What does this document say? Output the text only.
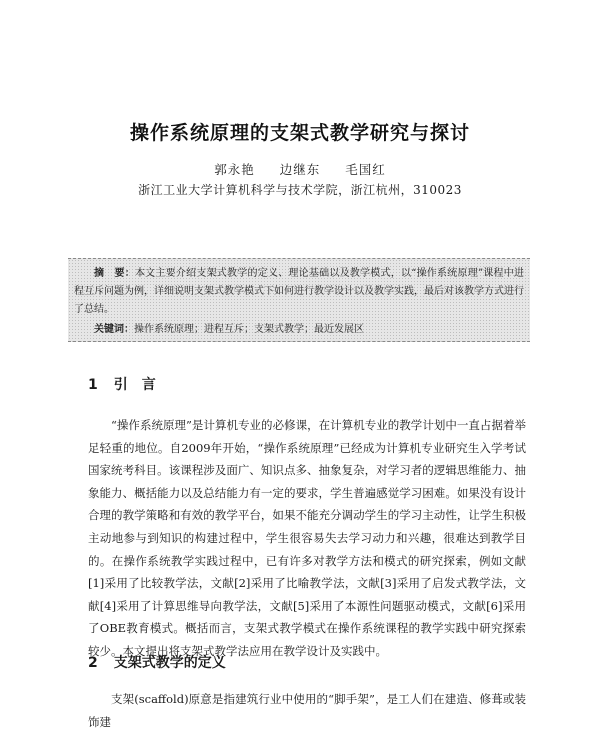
操作系统原理的支架式教学研究与探讨
郭永艳 边继东 毛国红
浙江工业大学计算机科学与技术学院，浙江杭州，310023
摘　要：本文主要介绍支架式教学的定义、理论基础以及教学模式，以“操作系统原理”课程中进程互斥问题为例，详细说明支架式教学模式下如何进行教学设计以及教学实践，最后对该教学方式进行了总结。
关键词：操作系统原理；进程互斥；支架式教学；最近发展区
1 引　言

“操作系统原理”是计算机专业的必修课，在计算机专业的教学计划中一直占据着举足轻重的地位。自2009年开始，“操作系统原理”已经成为计算机专业研究生入学考试国家统考科目。该课程涉及面广、知识点多、抽象复杂，对学习者的逻辑思维能力、抽象能力、概括能力以及总结能力有一定的要求，学生普遍感觉学习困难。如果没有设计合理的教学策略和有效的教学平台，如果不能充分调动学生的学习主动性，让学生积极主动地参与到知识的构建过程中，学生很容易失去学习动力和兴趣，很难达到教学目的。在操作系统教学实践过程中，已有许多对教学方法和模式的研究探索，例如文献[1]采用了比较教学法，文献[2]采用了比喻教学法，文献[3]采用了启发式教学法，文献[4]采用了计算思维导向教学法，文献[5]采用了本源性问题驱动模式，文献[6]采用了OBE教育模式。概括而言，支架式教学模式在操作系统课程的教学实践中研究探索较少。本文提出将支架式教学法应用在教学设计及实践中。

2 支架式教学的定义

支架(scaffold)原意是指建筑行业中使用的“脚手架”，是工人们在建造、修葺或装饰建
